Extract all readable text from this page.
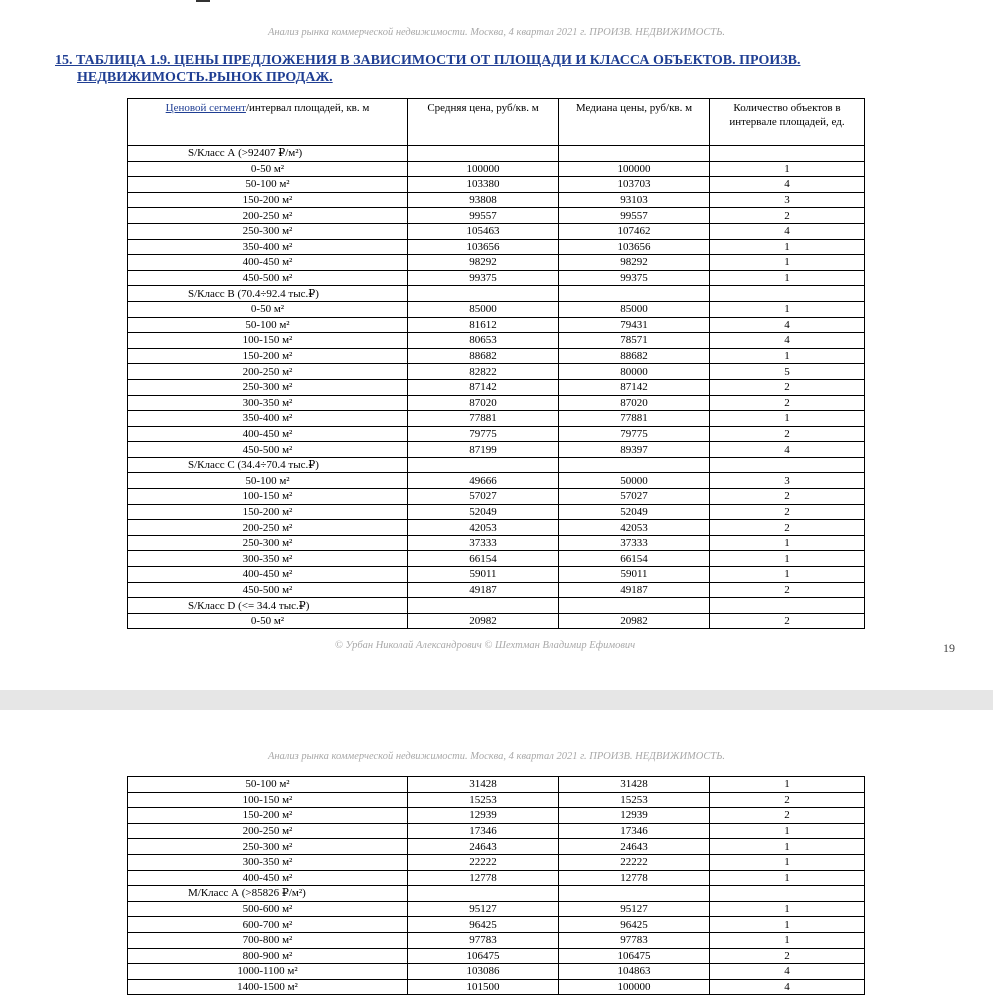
Анализ рынка коммерческой недвижимости. Москва, 4 квартал 2021 г. ПРОИЗВ. НЕДВИЖИМОСТЬ.
15. ТАБЛИЦА 1.9. ЦЕНЫ ПРЕДЛОЖЕНИЯ В ЗАВИСИМОСТИ ОТ ПЛОЩАДИ И КЛАССА ОБЪЕКТОВ. ПРОИЗВ.
НЕДВИЖИМОСТЬ.РЫНОК ПРОДАЖ.
Ценовой сегмент/интервал площадей, кв. м	Средняя цена, руб/кв. м	Медиана цены, руб/кв. м	Количество объектов в интервале площадей, ед.
S/Класс А (>92407 ₽/м²)			
0-50 м²	100000	100000	1
50-100 м²	103380	103703	4
150-200 м²	93808	93103	3
200-250 м²	99557	99557	2
250-300 м²	105463	107462	4
350-400 м²	103656	103656	1
400-450 м²	98292	98292	1
450-500 м²	99375	99375	1
S/Класс В (70.4÷92.4 тыс.₽)			
0-50 м²	85000	85000	1
50-100 м²	81612	79431	4
100-150 м²	80653	78571	4
150-200 м²	88682	88682	1
200-250 м²	82822	80000	5
250-300 м²	87142	87142	2
300-350 м²	87020	87020	2
350-400 м²	77881	77881	1
400-450 м²	79775	79775	2
450-500 м²	87199	89397	4
S/Класс С (34.4÷70.4 тыс.₽)			
50-100 м²	49666	50000	3
100-150 м²	57027	57027	2
150-200 м²	52049	52049	2
200-250 м²	42053	42053	2
250-300 м²	37333	37333	1
300-350 м²	66154	66154	1
400-450 м²	59011	59011	1
450-500 м²	49187	49187	2
S/Класс D (<= 34.4 тыс.₽)			
0-50 м²	20982	20982	2
© Урбан Николай Александрович © Шехтман Владимир Ефимович	19
Анализ рынка коммерческой недвижимости. Москва, 4 квартал 2021 г. ПРОИЗВ. НЕДВИЖИМОСТЬ.
50-100 м²	31428	31428	1
100-150 м²	15253	15253	2
150-200 м²	12939	12939	2
200-250 м²	17346	17346	1
250-300 м²	24643	24643	1
300-350 м²	22222	22222	1
400-450 м²	12778	12778	1
М/Класс А (>85826 ₽/м²)			
500-600 м²	95127	95127	1
600-700 м²	96425	96425	1
700-800 м²	97783	97783	1
800-900 м²	106475	106475	2
1000-1100 м²	103086	104863	4
1400-1500 м²	101500	100000	4
